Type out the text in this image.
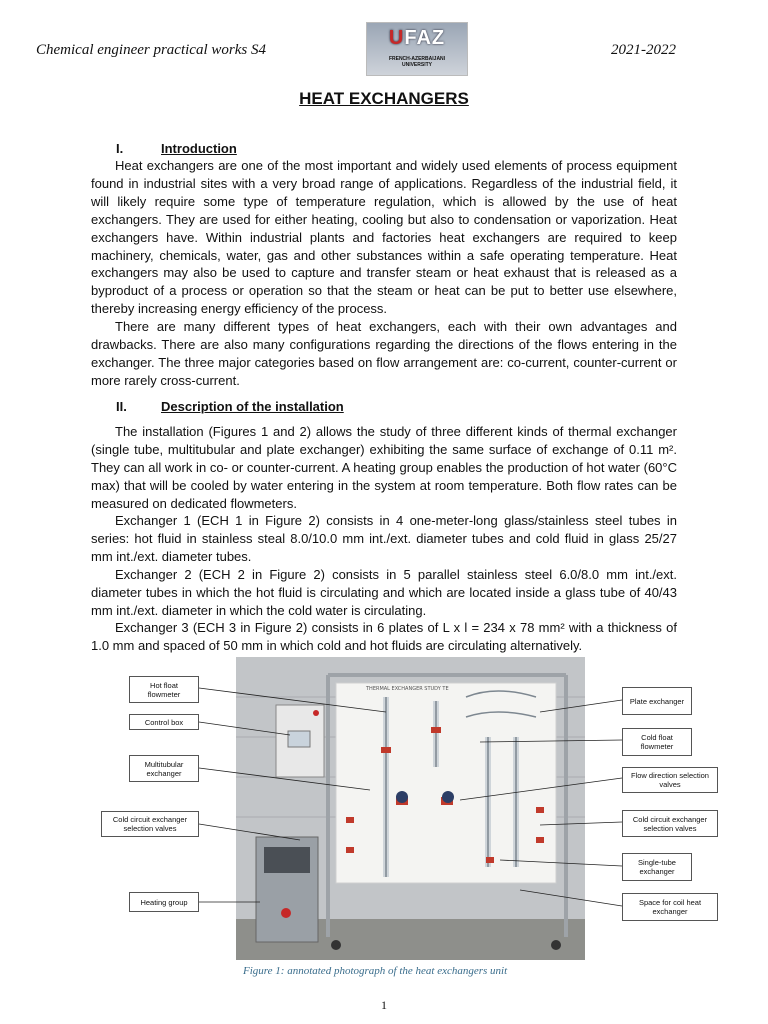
Chemical engineer practical works S4
UFAZ
FRENCH-AZERBAIJANI
UNIVERSITY
2021-2022
HEAT EXCHANGERS
I.	Introduction

Heat exchangers are one of the most important and widely used elements of process equipment found in industrial sites with a very broad range of applications. Regardless of the industrial field, it will likely require some type of temperature regulation, which is allowed by the use of heat exchangers. They are used for either heating, cooling but also to condensation or vaporization. Heat exchangers have. Within industrial plants and factories heat exchangers are required to keep machinery, chemicals, water, gas and other substances within a safe operating temperature. Heat exchangers may also be used to capture and transfer steam or heat exhaust that is released as a byproduct of a process or operation so that the steam or heat can be put to better use elsewhere, thereby increasing energy efficiency of the process.

There are many different types of heat exchangers, each with their own advantages and drawbacks. There are also many configurations regarding the directions of the flows entering in the exchanger. The three major categories based on flow arrangement are: co-current, counter-current or more rarely cross-current.

II.	Description of the installation

The installation (Figures 1 and 2) allows the study of three different kinds of thermal exchanger (single tube, multitubular and plate exchanger) exhibiting the same surface of exchange of 0.11 m². They can all work in co- or counter-current. A heating group enables the production of hot water (60°C max) that will be cooled by water entering in the system at room temperature. Both flow rates can be measured on dedicated flowmeters.

Exchanger 1 (ECH 1 in Figure 2) consists in 4 one-meter-long glass/stainless steel tubes in series: hot fluid in stainless steal 8.0/10.0 mm int./ext. diameter tubes and cold fluid in glass 25/27 mm int./ext. diameter tubes.

Exchanger 2 (ECH 2 in Figure 2) consists in 5 parallel stainless steel 6.0/8.0 mm int./ext. diameter tubes in which the hot fluid is circulating and which are located inside a glass tube of 40/43 mm int./ext. diameter in which the cold water is circulating.

Exchanger 3 (ECH 3 in Figure 2) consists in 6 plates of L x l = 234 x 78 mm² with a thickness of 1.0 mm and spaced of 50 mm in which cold and hot fluids are circulating alternatively.

THERMAL EXCHANGER STUDY TE
Hot float flowmeter
Control box
Multitubular exchanger
Cold circuit exchanger selection valves
Heating group
Plate exchanger
Cold float flowmeter
Flow direction selection valves
Cold circuit exchanger selection valves
Single-tube exchanger
Space for coil heat exchanger
Figure 1: annotated photograph of the heat exchangers unit
1
